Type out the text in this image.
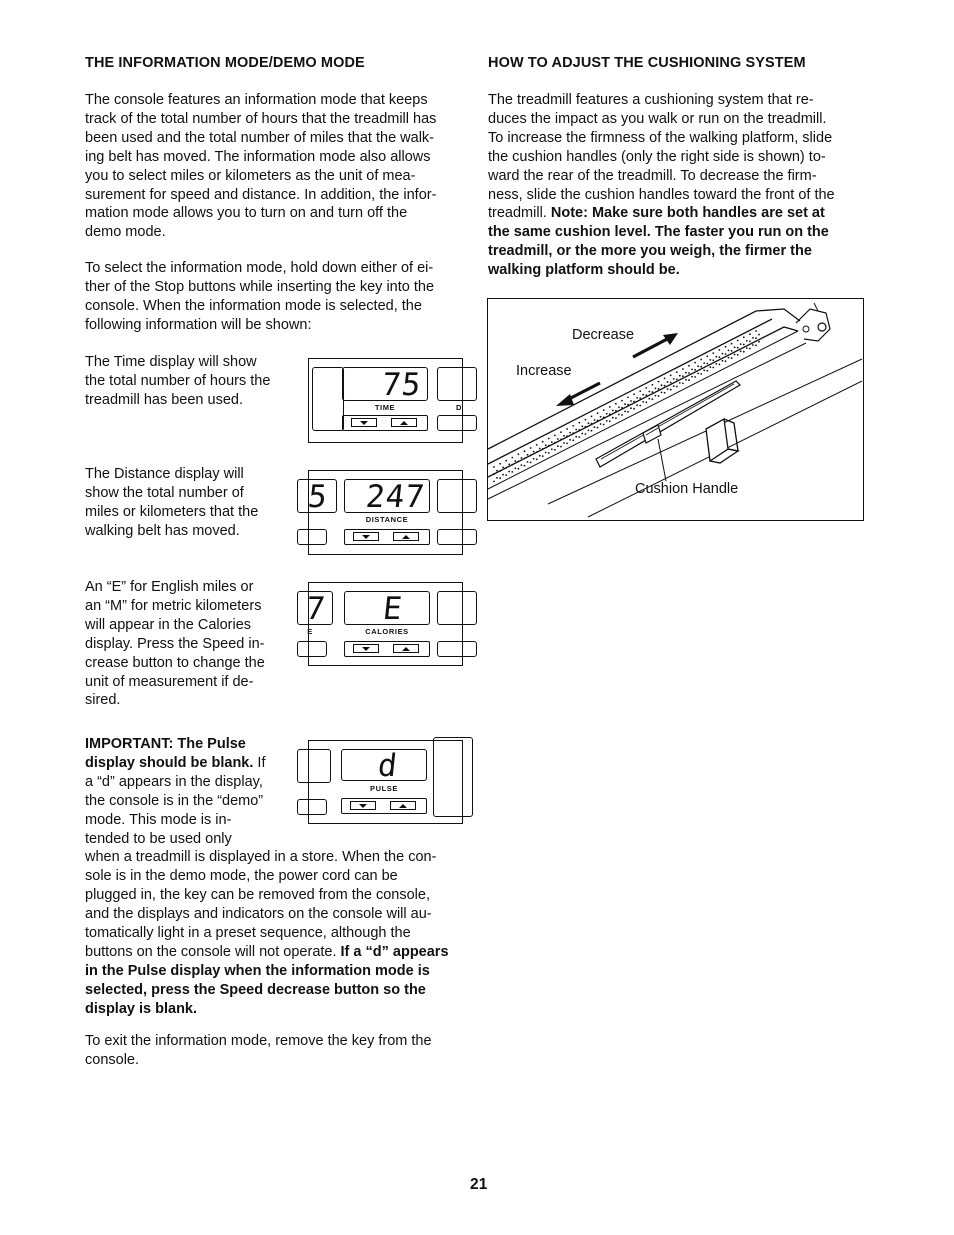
THE INFORMATION MODE/DEMO MODE

The console features an information mode that keeps

track of the total number of hours that the treadmill has

been used and the total number of miles that the walk-

ing belt has moved. The information mode also allows

you to select miles or kilometers as the unit of mea-

surement for speed and distance. In addition, the infor-

mation mode allows you to turn on and turn off the

demo mode.

To select the information mode, hold down either of ei-

ther of the Stop buttons while inserting the key into the

console. When the information mode is selected, the

following information will be shown:

The Time display will show

the total number of hours the

treadmill has been used.

The Distance display will

show the total number of

miles or kilometers that the

walking belt has moved.

An “E” for English miles or

an “M” for metric kilometers

will appear in the Calories

display. Press the Speed in-

crease button to change the

unit of measurement if de-

sired.

IMPORTANT: The Pulse

display should be blank. If

a “d” appears in the display,

the console is in the “demo”

mode. This mode is in-

tended to be used only

when a treadmill is displayed in a store. When the con-

sole is in the demo mode, the power cord can be

plugged in, the key can be removed from the console,

and the displays and indicators on the console will au-

tomatically light in a preset sequence, although the

buttons on the console will not operate. If a “d” appears

in the Pulse display when the information mode is

selected, press the Speed decrease button so the

display is blank.

To exit the information mode, remove the key from the

console.

75
TIME	D
5 247
DISTANCE
7
E
E
CALORIES
d
PULSE
HOW TO ADJUST THE CUSHIONING SYSTEM

The treadmill features a cushioning system that re-

duces the impact as you walk or run on the treadmill.

To increase the firmness of the walking platform, slide

the cushion handles (only the right side is shown) to-

ward the rear of the treadmill. To decrease the firm-

ness, slide the cushion handles toward the front of the

treadmill. Note: Make sure both handles are set at

the same cushion level. The faster you run on the

treadmill, or the more you weigh, the firmer the

walking platform should be.

Decrease
Increase
Cushion Handle
21
